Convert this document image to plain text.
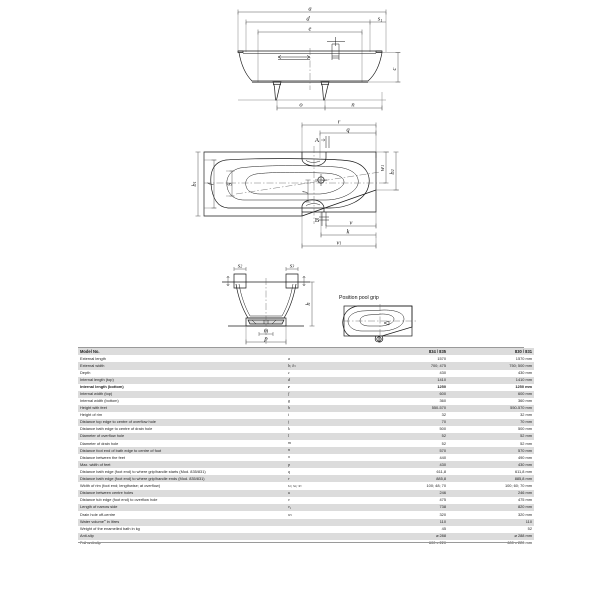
a
d	$s_1$
e
c
o	n
r
q
A
j
B
b1
f g
w1
b2
v
k
v1
s2	s3
h
m
p
Position pool grip
Model No.		834 / 835	830 / 831
External length	a	1570	1570 mm
External width	b; $b_1$	700; 475	750; 500 mm
Depth	c	430	430 mm
Internal length (top)	d	1410	1410 mm
Internal length (bottom)	e	1250	1250 mm
Internal width (top)	f	600	600 mm
Internal width (bottom)	g	360	360 mm
Height with feet	h	550-570	550-570 mm
Height of rim	i	32	32 mm
Distance top edge to centre of overflow hole	j	70	70 mm
Distance bath edge to centre of drain hole	k	500	500 mm
Diameter of overflow hole	l	52	52 mm
Diameter of drain hole	m	52	52 mm
Distance foot end of bath edge to centre of foot	n	570	570 mm
Distance between the feet	o	440	490 mm
Max. width of feet	p	430	430 mm
Distance bath edge (foot end) to where grip/handle starts (Mod. 835/831)	q	611,8	611,8 mm
Distance bath edge (foot end) to where grip/handle ends (Mod. 835/831)	r	885,8	885,8 mm
Width of rim (foot end; lengthwise; at overflow)	$s_1$; $s_2$; $s_3$	100; 48; 70	100; 60; 70 mm
Distance between centre holes	u	246	246 mm
Distance tub edge (foot end) to overflow hole	v	475	475 mm
Length of narrow side	$v_1$	738	820 mm
Drain hole off-centre	$w_1$	320	320 mm
Water volume** in litres		110	110
Weight of the enamelled bath in kg		45	52
Anti-slip		⌀ 288	⌀ 288 mm
Full anti-slip		600 x 220	600 x 220 mm
